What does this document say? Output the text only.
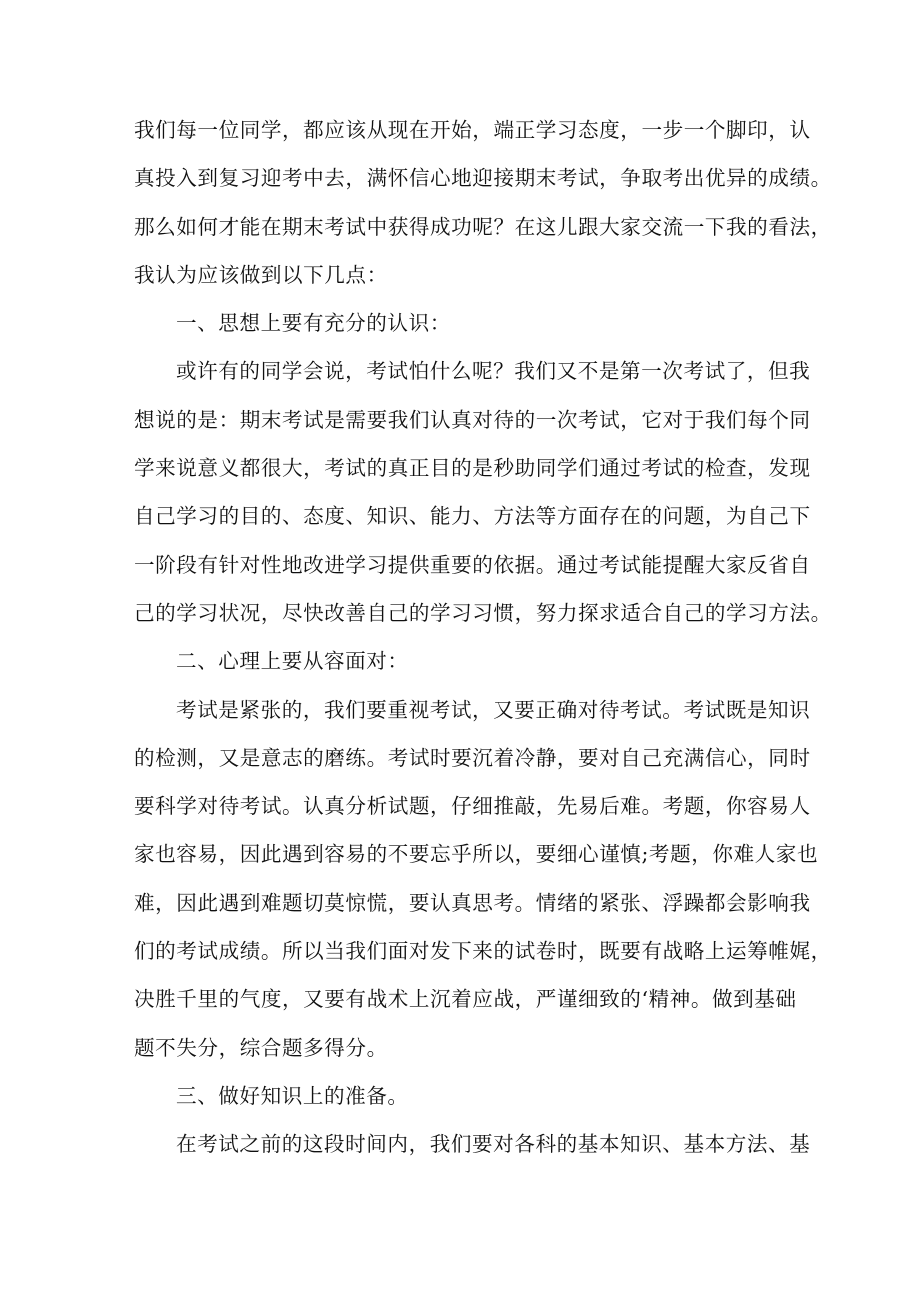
我们每一位同学，都应该从现在开始，端正学习态度，一步一个脚印，认
真投入到复习迎考中去，满怀信心地迎接期末考试，争取考出优异的成绩。
那么如何才能在期末考试中获得成功呢？在这儿跟大家交流一下我的看法，
我认为应该做到以下几点：
一、思想上要有充分的认识：
或许有的同学会说，考试怕什么呢？我们又不是第一次考试了，但我
想说的是：期末考试是需要我们认真对待的一次考试，它对于我们每个同
学来说意义都很大，考试的真正目的是秒助同学们通过考试的检查，发现
自己学习的目的、态度、知识、能力、方法等方面存在的问题，为自己下
一阶段有针对性地改进学习提供重要的依据。通过考试能提醒大家反省自
己的学习状况，尽快改善自己的学习习惯，努力探求适合自己的学习方法。
二、心理上要从容面对：
考试是紧张的，我们要重视考试，又要正确对待考试。考试既是知识
的检测，又是意志的磨练。考试时要沉着冷静，要对自己充满信心，同时
要科学对待考试。认真分析试题，仔细推敲，先易后难。考题，你容易人
家也容易，因此遇到容易的不要忘乎所以，要细心谨慎;考题，你难人家也
难，因此遇到难题切莫惊慌，要认真思考。情绪的紧张、浮躁都会影响我
们的考试成绩。所以当我们面对发下来的试卷时，既要有战略上运筹帷娓，
决胜千里的气度，又要有战术上沉着应战，严谨细致的‘精神。做到基础
题不失分，综合题多得分。
三、做好知识上的准备。
在考试之前的这段时间内，我们要对各科的基本知识、基本方法、基
